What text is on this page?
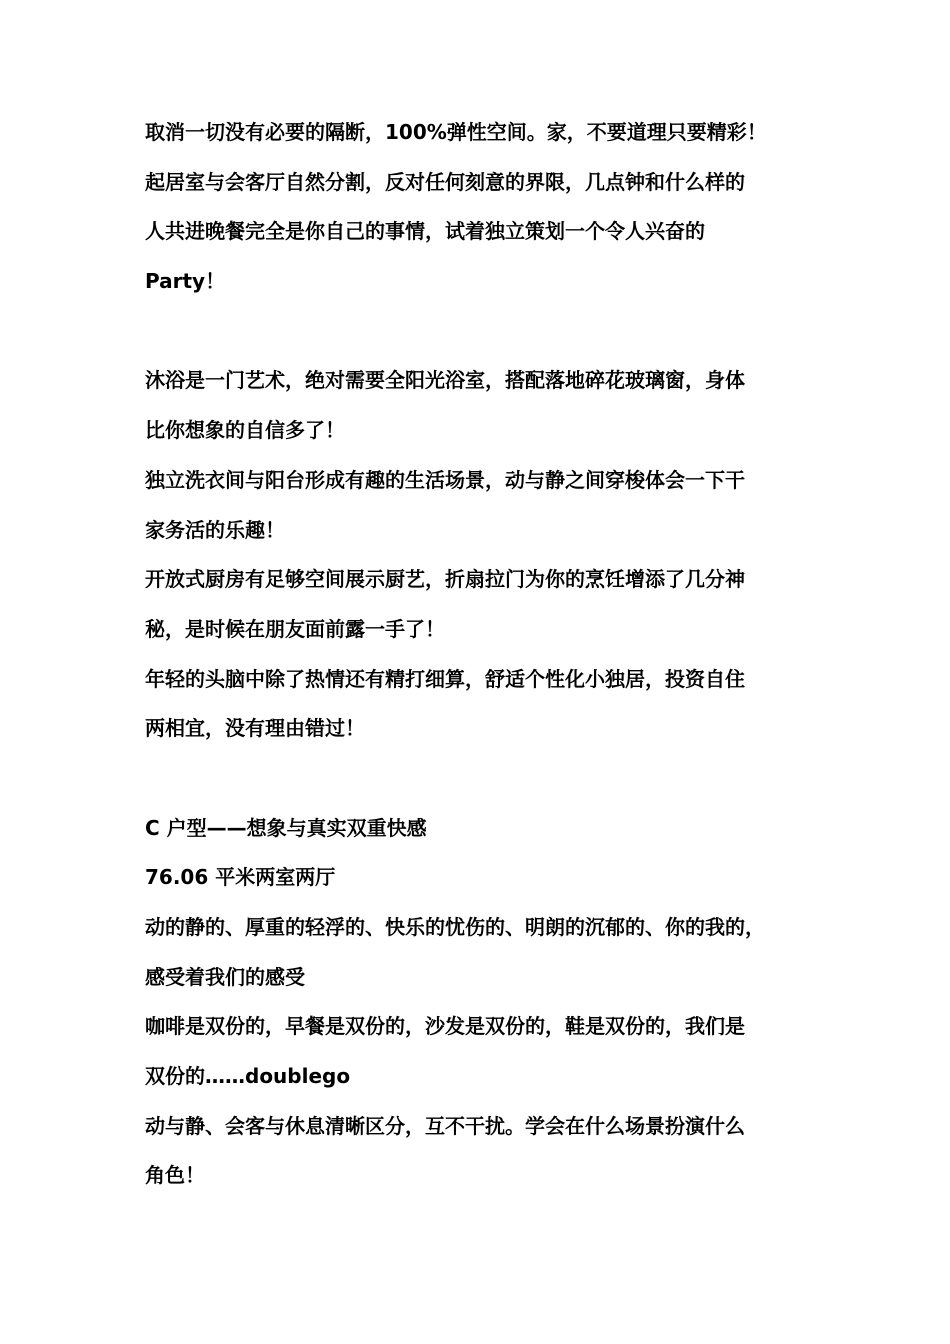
取消一切没有必要的隔断，100%弹性空间。家，不要道理只要精彩！
起居室与会客厅自然分割，反对任何刻意的界限，几点钟和什么样的
人共进晚餐完全是你自己的事情，试着独立策划一个令人兴奋的
Party！
沐浴是一门艺术，绝对需要全阳光浴室，搭配落地碎花玻璃窗，身体
比你想象的自信多了！
独立洗衣间与阳台形成有趣的生活场景，动与静之间穿梭体会一下干
家务活的乐趣！
开放式厨房有足够空间展示厨艺，折扇拉门为你的烹饪增添了几分神
秘，是时候在朋友面前露一手了！
年轻的头脑中除了热情还有精打细算，舒适个性化小独居，投资自住
两相宜，没有理由错过！
C 户型——想象与真实双重快感
76.06 平米两室两厅
动的静的、厚重的轻浮的、快乐的忧伤的、明朗的沉郁的、你的我的，
感受着我们的感受
咖啡是双份的，早餐是双份的，沙发是双份的，鞋是双份的，我们是
双份的……doublego
动与静、会客与休息清晰区分，互不干扰。学会在什么场景扮演什么
角色！
